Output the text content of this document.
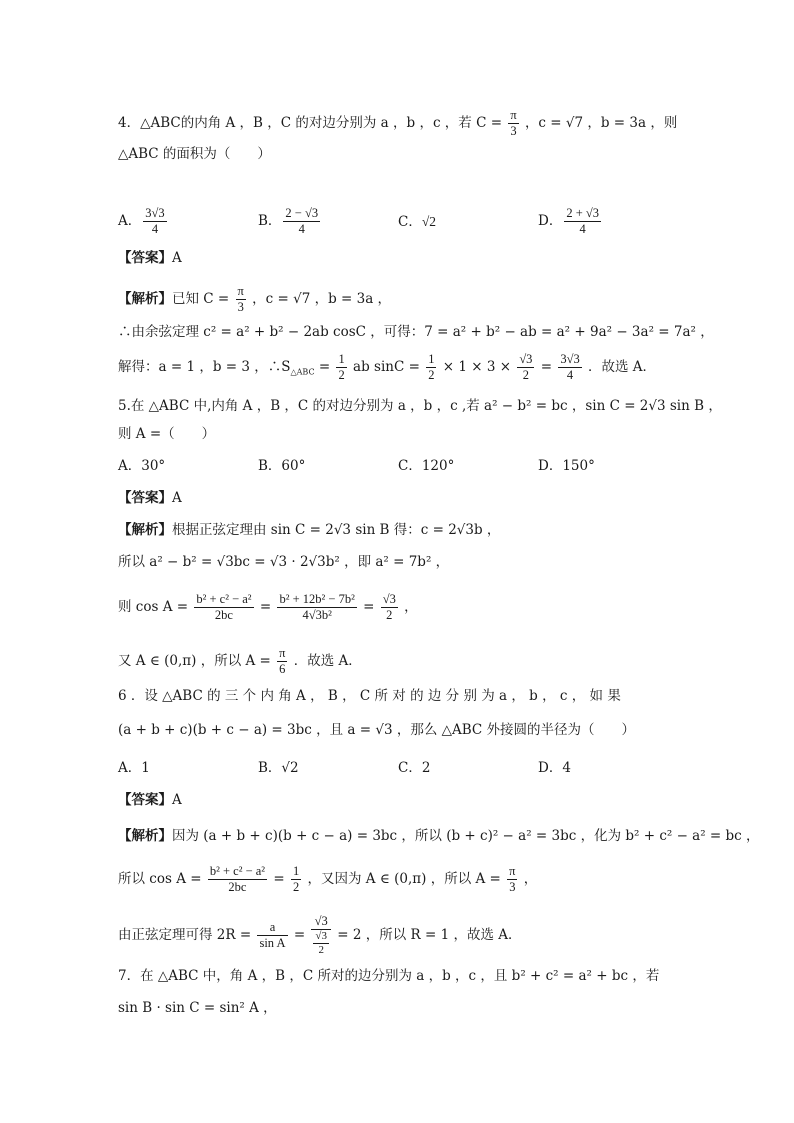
4．△ABC的内角 A ，B ，C 的对边分别为 a ，b ，c ，若 $C = \frac{\pi}{3}$ ，c = √7 ，b = 3a ，则
△ABC 的面积为（　　）
A． $\frac{3√3}{4}$	B． $\frac{2 - √3}{4}$	C．√2	D． $\frac{2 + √3}{4}$
【答案】A
【解析】已知 $C = \frac{\pi}{3}$ ，c = √7 ，b = 3a ，
∴由余弦定理 c² = a² + b² − 2ab cosC ，可得：7 = a² + b² − ab = a² + 9a² − 3a² = 7a² ，
解得：a = 1 ，b = 3 ，$\therefore S_{\triangle ABC} = \frac{1}{2}$ ab $\sin C = \frac{1}{2} \times 1 \times 3 \times \frac{√3}{2} = \frac{3√3}{4}$ ．故选 A．
5.在 △ABC 中,内角 A ，B ，C 的对边分别为 a ，b ，c ,若 a² − b² = bc ，sin C = 2√3 sin B ，
则 A =（　　）
A．30°	B．60°	C．120°	D．150°
【答案】A
【解析】根据正弦定理由 sin C = 2√3 sin B 得：c = 2√3b ，
所以 a² − b² = √3bc = √3 · 2√3b² ，即 a² = 7b² ，
则 $\cos A = \frac{\text{b² + c² − a²}}{2bc} = \frac{\text{b² + 12b² − 7b²}}{\text{4√3b²}} = \frac{√3}{2}$ ，
又 A ∈ (0,π) ，所以 $A = \frac{\pi}{6}$ ．故选 A．
6 ．设 △ABC 的 三 个 内 角 A ， B ， C 所 对 的 边 分 别 为 a ， b ， c ， 如 果
(a + b + c)(b + c − a) = 3bc ，且 a = √3 ，那么 △ABC 外接圆的半径为（　　）
A．1	B．√2	C．2	D．4
【答案】A
【解析】因为 (a + b + c)(b + c − a) = 3bc ，所以 (b + c)² − a² = 3bc ，化为 b² + c² − a² = bc ，
所以 $\cos A = \frac{\text{b² + c² − a²}}{2bc} = \frac{1}{2}$ ，又因为 A ∈ (0,π) ，所以 $A = \frac{\pi}{3}$ ，
由正弦定理可得 $2R = \frac{a}{\text{sin A}} = \frac{√3}{\frac{√3}{2}} = 2$ ，所以 R = 1 ，故选 A．
7．在 △ABC 中，角 A ，B ，C 所对的边分别为 a ，b ，c ，且 b² + c² = a² + bc ，若
sin B · sin C = sin² A ，
